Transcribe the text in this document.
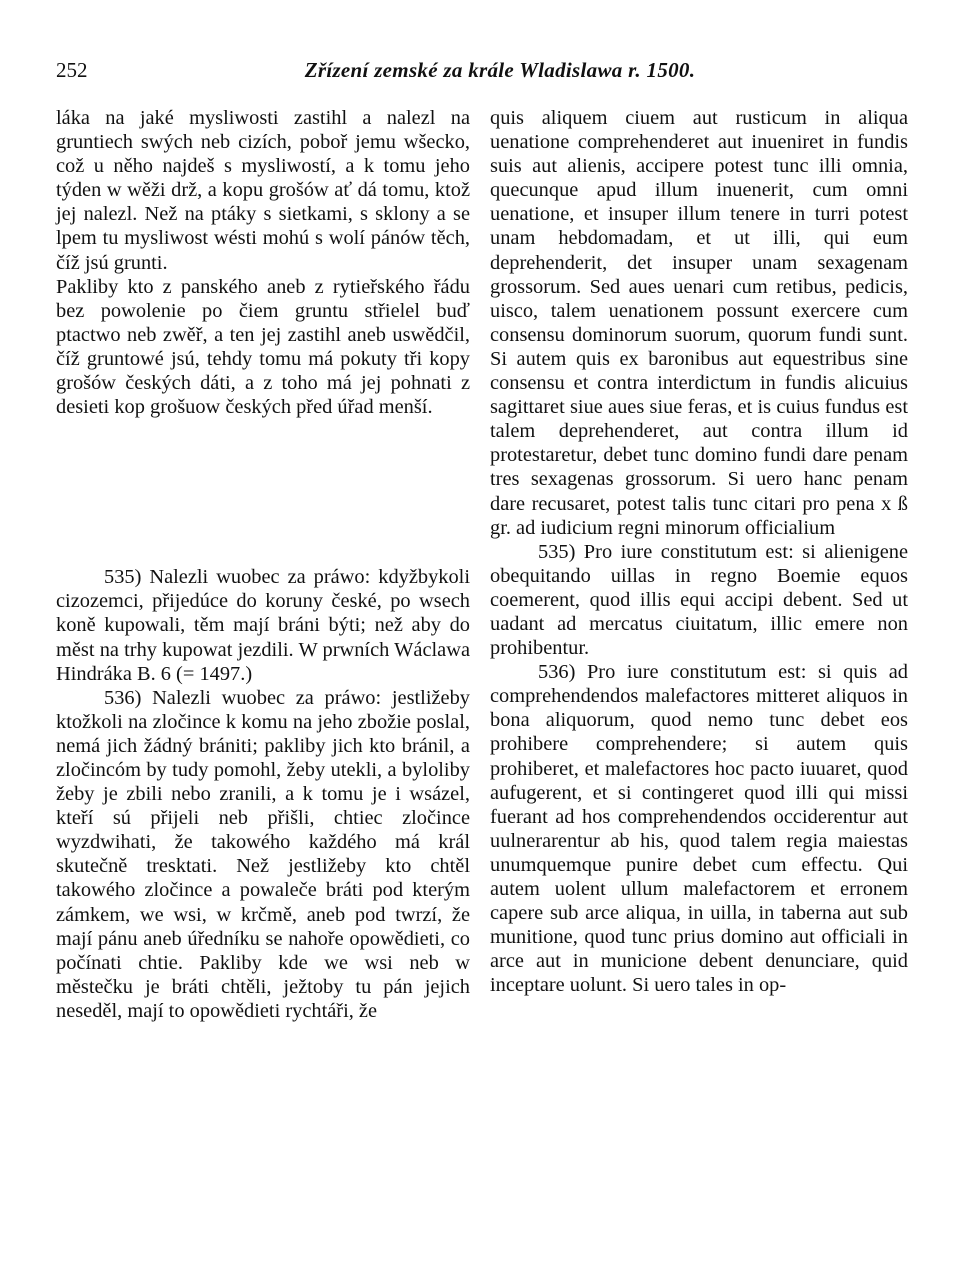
252	Zřízení zemské za krále Wladislawa r. 1500.

láka na jaké mysliwosti zastihl a nalezl na gruntiech swých neb cizích, poboř jemu wšecko, což u něho najdeš s mysliwostí, a k tomu jeho týden w wěži drž, a kopu grošów ať dá tomu, ktož jej nalezl. Než na ptáky s sietkami, s sklony a se lpem tu mysliwost wésti mohú s wolí pánów těch, číž jsú grunti.

Pakliby kto z panského aneb z rytieřského řádu bez powolenie po čiem gruntu střielel buď ptactwo neb zwěř, a ten jej zastihl aneb uswědčil, číž gruntowé jsú, tehdy tomu má pokuty tři kopy grošów českých dáti, a z toho má jej pohnati z desieti kop grošuow českých před úřad menší.

535) Nalezli wuobec za práwo: kdyžbykoli cizozemci, přijedúce do koruny české, po wsech koně kupowali, těm mají bráni býti; než aby do měst na trhy kupowat jezdili. W prwních Wáclawa Hindráka B. 6 (= 1497.)

536) Nalezli wuobec za práwo: jestližeby ktožkoli na zločince k komu na jeho zbožie poslal, nemá jich žádný brániti; pakliby jich kto bránil, a zločincóm by tudy pomohl, žeby utekli, a byloliby žeby je zbili nebo zranili, a k tomu je i wsázel, kteří sú přijeli neb přišli, chtiec zločince wyzdwihati, že takowého každého má král skutečně tresktati. Než jestližeby kto chtěl takowého zločince a powaleče bráti pod kterým zámkem, we wsi, w krčmě, aneb pod twrzí, že mají pánu aneb úředníku se nahoře opowědieti, co počínati chtie. Pakliby kde we wsi neb w městečku je bráti chtěli, ježtoby tu pán jejich neseděl, mají to opowědieti rychtáři, že

quis aliquem ciuem aut rusticum in aliqua uenatione comprehenderet aut inueniret in fundis suis aut alienis, accipere potest tunc illi omnia, quecunque apud illum inuenerit, cum omni uenatione, et insuper illum tenere in turri potest unam hebdomadam, et ut illi, qui eum deprehenderit, det insuper unam sexagenam grossorum. Sed aues uenari cum retibus, pedicis, uisco, talem uenationem possunt exercere cum consensu dominorum suorum, quorum fundi sunt. Si autem quis ex baronibus aut equestribus sine consensu et contra interdictum in fundis alicuius sagittaret siue aues siue feras, et is cuius fundus est talem deprehenderet, aut contra illum id protestaretur, debet tunc domino fundi dare penam tres sexagenas grossorum. Si uero hanc penam dare recusaret, potest talis tunc citari pro pena x ß gr. ad iudicium regni minorum officialium

535) Pro iure constitutum est: si alienigene obequitando uillas in regno Boemie equos coemerent, quod illis equi accipi debent. Sed ut uadant ad mercatus ciuitatum, illic emere non prohibentur.

536) Pro iure constitutum est: si quis ad comprehendendos malefactores mitteret aliquos in bona aliquorum, quod nemo tunc debet eos prohibere comprehendere; si autem quis prohiberet, et malefactores hoc pacto iuuaret, quod aufugerent, et si contingeret quod illi qui missi fuerant ad hos comprehendendos occiderentur aut uulnerarentur ab his, quod talem regia maiestas unumquemque punire debet cum effectu. Qui autem uolent ullum malefactorem et erronem capere sub arce aliqua, in uilla, in taberna aut sub munitione, quod tunc prius domino aut officiali in arce aut in municione debent denunciare, quid inceptare uolunt. Si uero tales in op-
